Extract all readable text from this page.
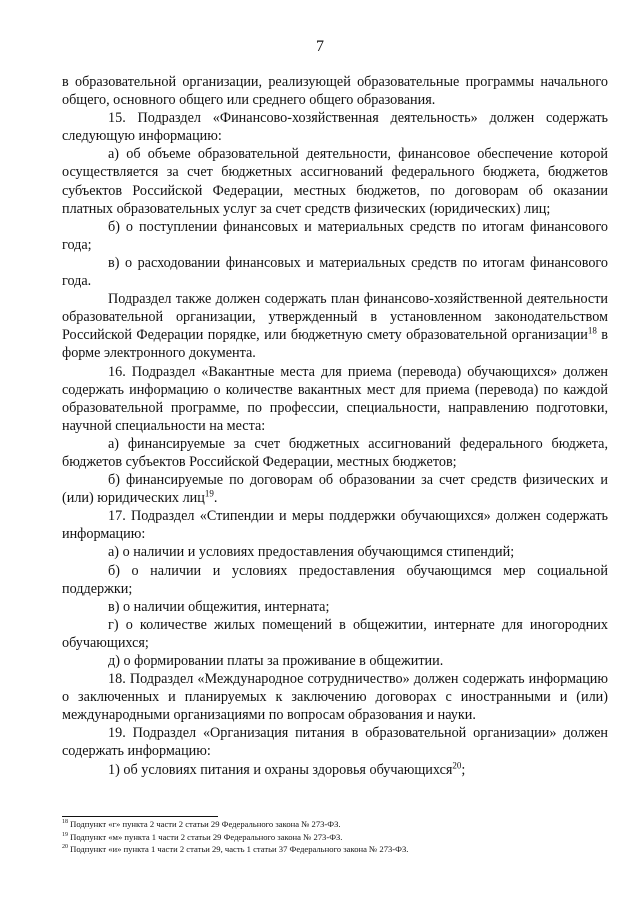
7

в образовательной организации, реализующей образовательные программы начального общего, основного общего или среднего общего образования.

15. Подраздел «Финансово-хозяйственная деятельность» должен содержать следующую информацию:

а) об объеме образовательной деятельности, финансовое обеспечение которой осуществляется за счет бюджетных ассигнований федерального бюджета, бюджетов субъектов Российской Федерации, местных бюджетов, по договорам об оказании платных образовательных услуг за счет средств физических (юридических) лиц;

б) о поступлении финансовых и материальных средств по итогам финансового года;

в) о расходовании финансовых и материальных средств по итогам финансового года.

Подраздел также должен содержать план финансово-хозяйственной деятельности образовательной организации, утвержденный в установленном законодательством Российской Федерации порядке, или бюджетную смету образовательной организации$^{18}$ в форме электронного документа.

16. Подраздел «Вакантные места для приема (перевода) обучающихся» должен содержать информацию о количестве вакантных мест для приема (перевода) по каждой образовательной программе, по профессии, специальности, направлению подготовки, научной специальности на места:

а) финансируемые за счет бюджетных ассигнований федерального бюджета, бюджетов субъектов Российской Федерации, местных бюджетов;

б) финансируемые по договорам об образовании за счет средств физических и (или) юридических лиц$^{19}$.

17. Подраздел «Стипендии и меры поддержки обучающихся» должен содержать информацию:

а) о наличии и условиях предоставления обучающимся стипендий;

б) о наличии и условиях предоставления обучающимся мер социальной поддержки;

в) о наличии общежития, интерната;

г) о количестве жилых помещений в общежитии, интернате для иногородних обучающихся;

д) о формировании платы за проживание в общежитии.

18. Подраздел «Международное сотрудничество» должен содержать информацию о заключенных и планируемых к заключению договорах с иностранными и (или) международными организациями по вопросам образования и науки.

19. Подраздел «Организация питания в образовательной организации» должен содержать информацию:

1) об условиях питания и охраны здоровья обучающихся$^{20}$;

$^{18}$ Подпункт «г» пункта 2 части 2 статьи 29 Федерального закона № 273-ФЗ.

$^{19}$ Подпункт «м» пункта 1 части 2 статьи 29 Федерального закона № 273-ФЗ.

$^{20}$ Подпункт «и» пункта 1 части 2 статьи 29, часть 1 статьи 37 Федерального закона № 273-ФЗ.
